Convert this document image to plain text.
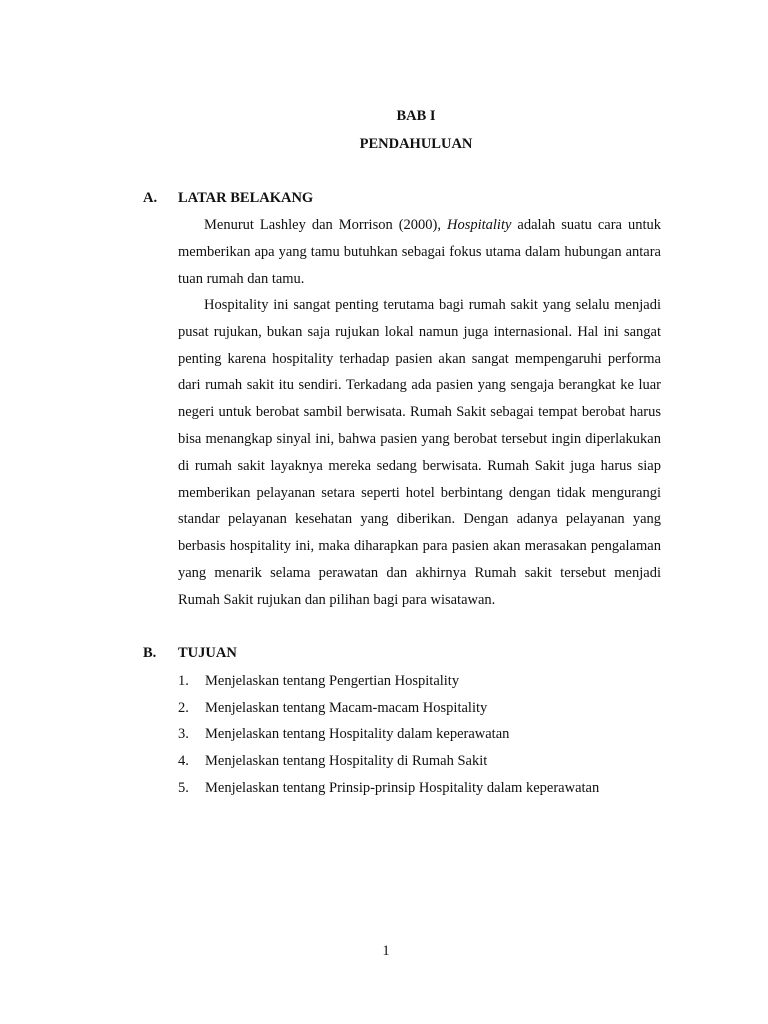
BAB I
PENDAHULUAN
A. LATAR BELAKANG

Menurut Lashley dan Morrison (2000), Hospitality adalah suatu cara untuk memberikan apa yang tamu butuhkan sebagai fokus utama dalam hubungan antara tuan rumah dan tamu.

Hospitality ini sangat penting terutama bagi rumah sakit yang selalu menjadi pusat rujukan, bukan saja rujukan lokal namun juga internasional. Hal ini sangat penting karena hospitality terhadap pasien akan sangat mempengaruhi performa dari rumah sakit itu sendiri. Terkadang ada pasien yang sengaja berangkat ke luar negeri untuk berobat sambil berwisata. Rumah Sakit sebagai tempat berobat harus bisa menangkap sinyal ini, bahwa pasien yang berobat tersebut ingin diperlakukan di rumah sakit layaknya mereka sedang berwisata. Rumah Sakit juga harus siap memberikan pelayanan setara seperti hotel berbintang dengan tidak mengurangi standar pelayanan kesehatan yang diberikan. Dengan adanya pelayanan yang berbasis hospitality ini, maka diharapkan para pasien akan merasakan pengalaman yang menarik selama perawatan dan akhirnya Rumah sakit tersebut menjadi Rumah Sakit rujukan dan pilihan bagi para wisatawan.

B. TUJUAN
1. Menjelaskan tentang Pengertian Hospitality
2. Menjelaskan tentang Macam-macam Hospitality
3. Menjelaskan tentang Hospitality dalam keperawatan
4. Menjelaskan tentang Hospitality di Rumah Sakit
5. Menjelaskan tentang Prinsip-prinsip Hospitality dalam keperawatan
1
